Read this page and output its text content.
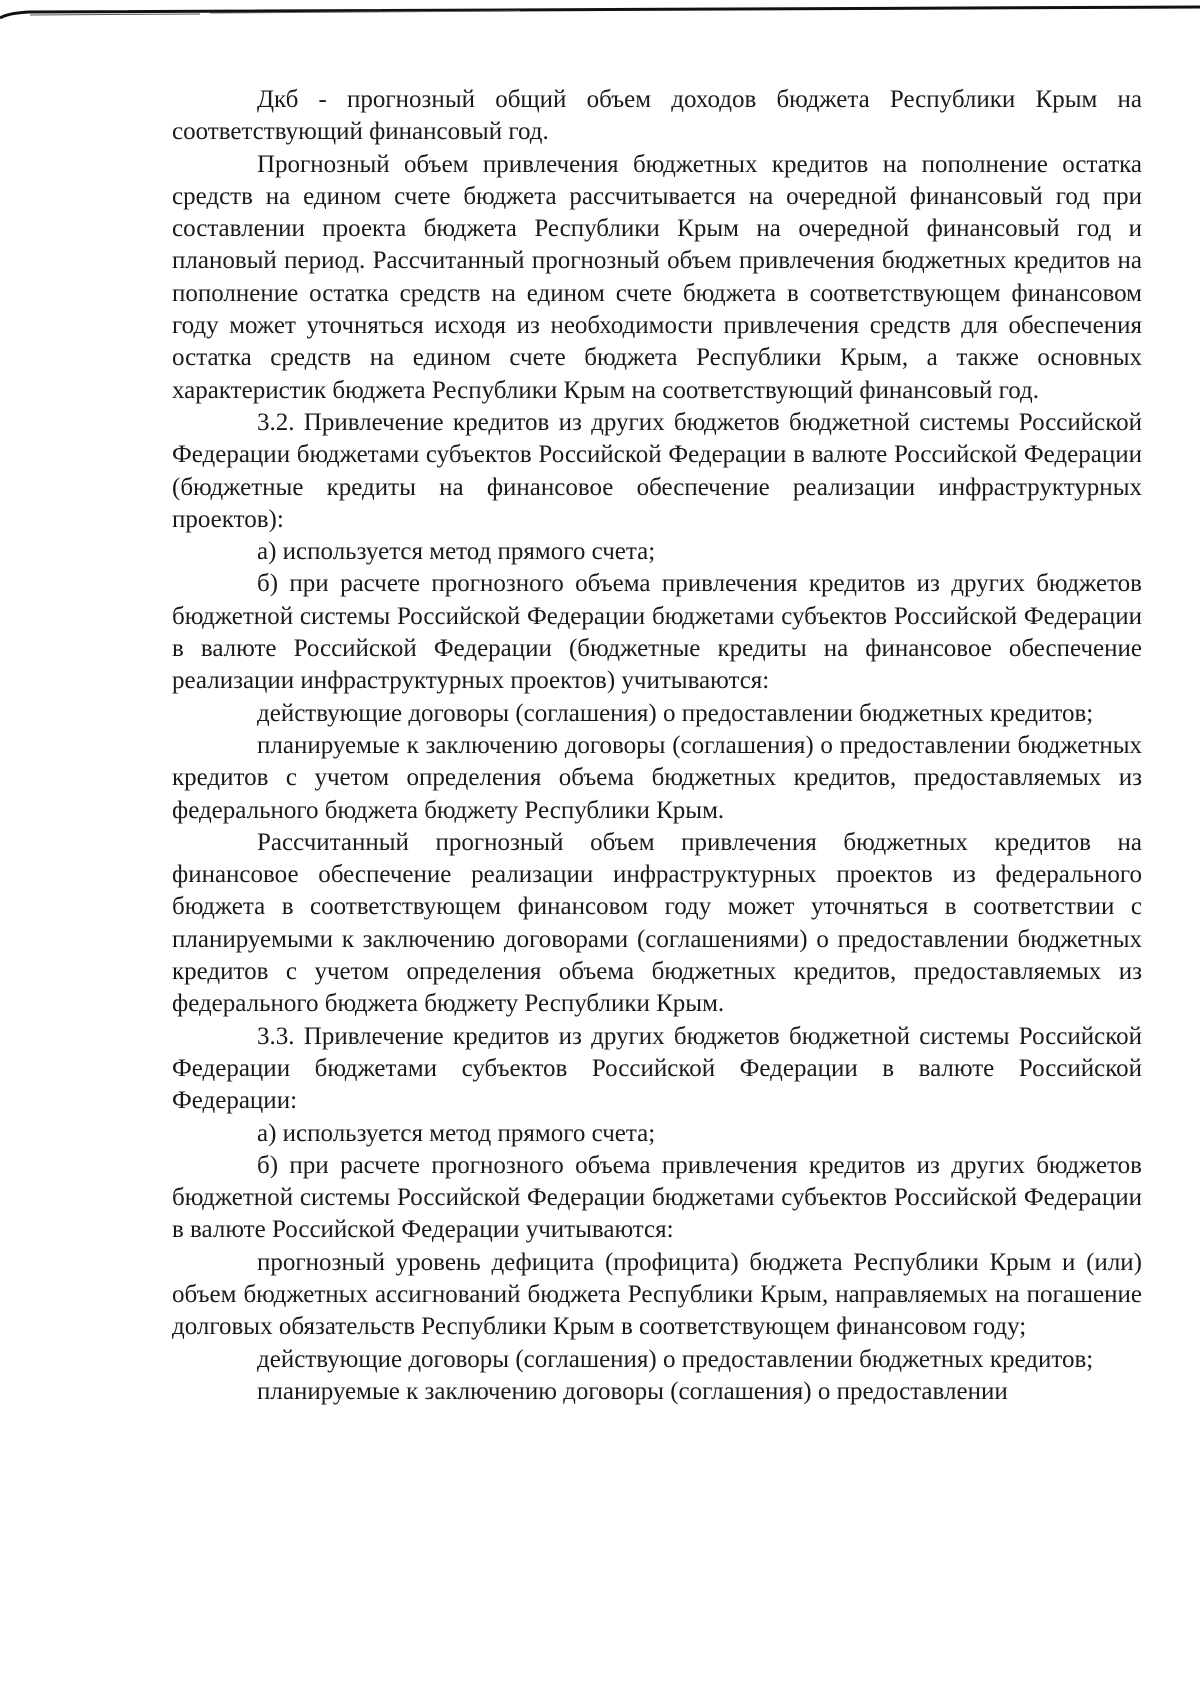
Дкб - прогнозный общий объем доходов бюджета Республики Крым на соответствующий финансовый год.

Прогнозный объем привлечения бюджетных кредитов на пополнение остатка средств на едином счете бюджета рассчитывается на очередной финансовый год при составлении проекта бюджета Республики Крым на очередной финансовый год и плановый период. Рассчитанный прогнозный объем привлечения бюджетных кредитов на пополнение остатка средств на едином счете бюджета в соответствующем финансовом году может уточняться исходя из необходимости привлечения средств для обеспечения остатка средств на едином счете бюджета Республики Крым, а также основных характеристик бюджета Республики Крым на соответствующий финансовый год.

3.2. Привлечение кредитов из других бюджетов бюджетной системы Российской Федерации бюджетами субъектов Российской Федерации в валюте Российской Федерации (бюджетные кредиты на финансовое обеспечение реализации инфраструктурных проектов):

а) используется метод прямого счета;

б) при расчете прогнозного объема привлечения кредитов из других бюджетов бюджетной системы Российской Федерации бюджетами субъектов Российской Федерации в валюте Российской Федерации (бюджетные кредиты на финансовое обеспечение реализации инфраструктурных проектов) учитываются:

действующие договоры (соглашения) о предоставлении бюджетных кредитов;

планируемые к заключению договоры (соглашения) о предоставлении бюджетных кредитов с учетом определения объема бюджетных кредитов, предоставляемых из федерального бюджета бюджету Республики Крым.

Рассчитанный прогнозный объем привлечения бюджетных кредитов на финансовое обеспечение реализации инфраструктурных проектов из федерального бюджета в соответствующем финансовом году может уточняться в соответствии с планируемыми к заключению договорами (соглашениями) о предоставлении бюджетных кредитов с учетом определения объема бюджетных кредитов, предоставляемых из федерального бюджета бюджету Республики Крым.

3.3. Привлечение кредитов из других бюджетов бюджетной системы Российской Федерации бюджетами субъектов Российской Федерации в валюте Российской Федерации:

а) используется метод прямого счета;

б) при расчете прогнозного объема привлечения кредитов из других бюджетов бюджетной системы Российской Федерации бюджетами субъектов Российской Федерации в валюте Российской Федерации учитываются:

прогнозный уровень дефицита (профицита) бюджета Республики Крым и (или) объем бюджетных ассигнований бюджета Республики Крым, направляемых на погашение долговых обязательств Республики Крым в соответствующем финансовом году;

действующие договоры (соглашения) о предоставлении бюджетных кредитов;

планируемые к заключению договоры (соглашения) о предоставлении
